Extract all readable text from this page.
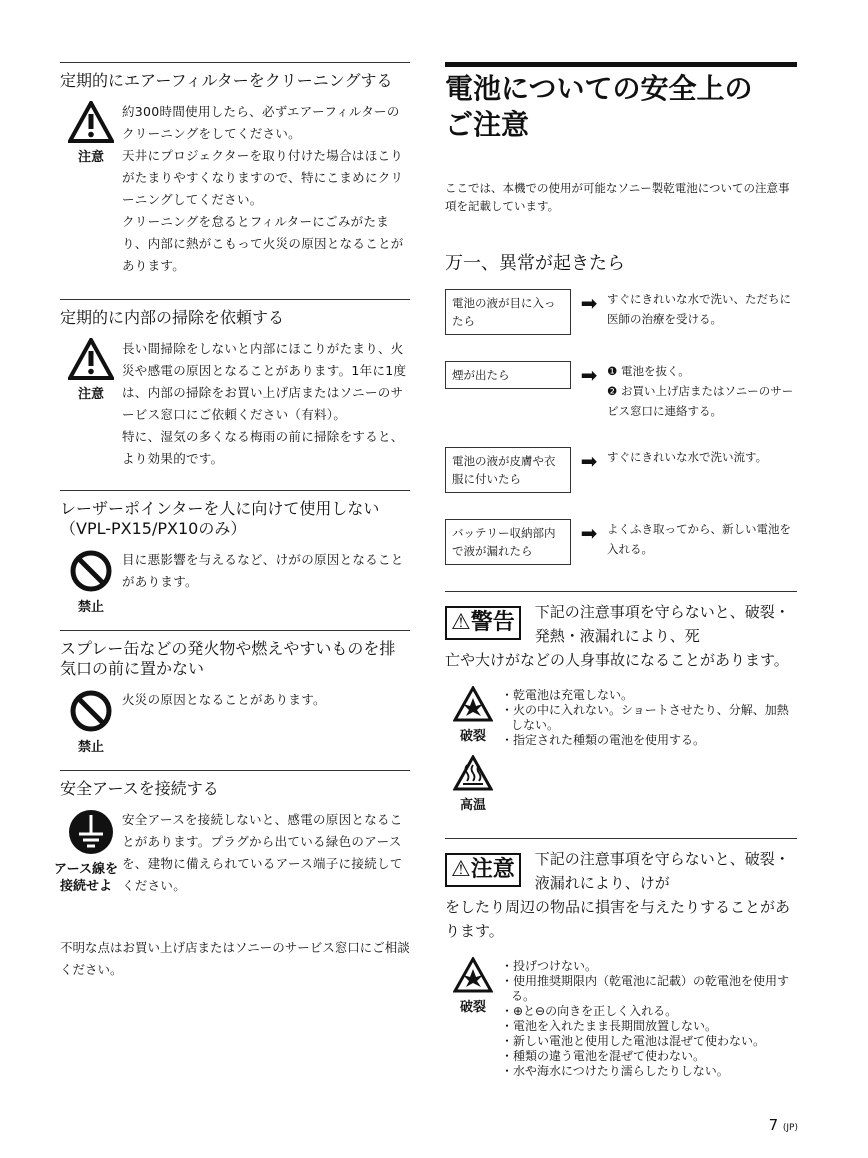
定期的にエアーフィルターをクリーニングする
注意

約300時間使用したら、必ずエアーフィルターのクリーニングをしてください。

天井にプロジェクターを取り付けた場合はほこりがたまりやすくなりますので、特にこまめにクリーニングしてください。

クリーニングを怠るとフィルターにごみがたまり、内部に熱がこもって火災の原因となることがあります。

定期的に内部の掃除を依頼する
注意

長い間掃除をしないと内部にほこりがたまり、火災や感電の原因となることがあります。1年に1度は、内部の掃除をお買い上げ店またはソニーのサービス窓口にご依頼ください（有料）。

特に、湿気の多くなる梅雨の前に掃除をすると、より効果的です。

レーザーポインターを人に向けて使用しない（VPL-PX15/PX10のみ）
禁止

目に悪影響を与えるなど、けがの原因となることがあります。

スプレー缶などの発火物や燃えやすいものを排気口の前に置かない
禁止

火災の原因となることがあります。

安全アースを接続する
アース線を接続せよ

安全アースを接続しないと、感電の原因となることがあります。プラグから出ている緑色のアースを、建物に備えられているアース端子に接続してください。

不明な点はお買い上げ店またはソニーのサービス窓口にご相談ください。
電池についての安全上の
ご注意

ここでは、本機での使用が可能なソニー製乾電池についての注意事項を記載しています。

万一、異常が起きたら
電池の液が目に入ったら
➡ すぐにきれいな水で洗い、ただちに医師の治療を受ける。
煙が出たら	➡ ❶ 電池を抜く。
❷ お買い上げ店またはソニーのサービス窓口に連絡する。
電池の液が皮膚や衣服に付いたら
➡ すぐにきれいな水で洗い流す。
バッテリー収納部内で液が漏れたら
➡ よくふき取ってから、新しい電池を入れる。
⚠警告	下記の注意事項を守らないと、破裂・発熱・液漏れにより、死

亡や大けがなどの人身事故になることがあります。

破裂
高温
・乾電池は充電しない。
・火の中に入れない。ショートさせたり、分解、加熱しない。
・指定された種類の電池を使用する。
⚠注意	下記の注意事項を守らないと、破裂・液漏れにより、けが

をしたり周辺の物品に損害を与えたりすることがあります。

破裂
・投げつけない。
・使用推奨期限内（乾電池に記載）の乾電池を使用する。
・⊕と⊖の向きを正しく入れる。
・電池を入れたまま長期間放置しない。
・新しい電池と使用した電池は混ぜて使わない。
・種類の違う電池を混ぜて使わない。
・水や海水につけたり濡らしたりしない。
7 (JP)
